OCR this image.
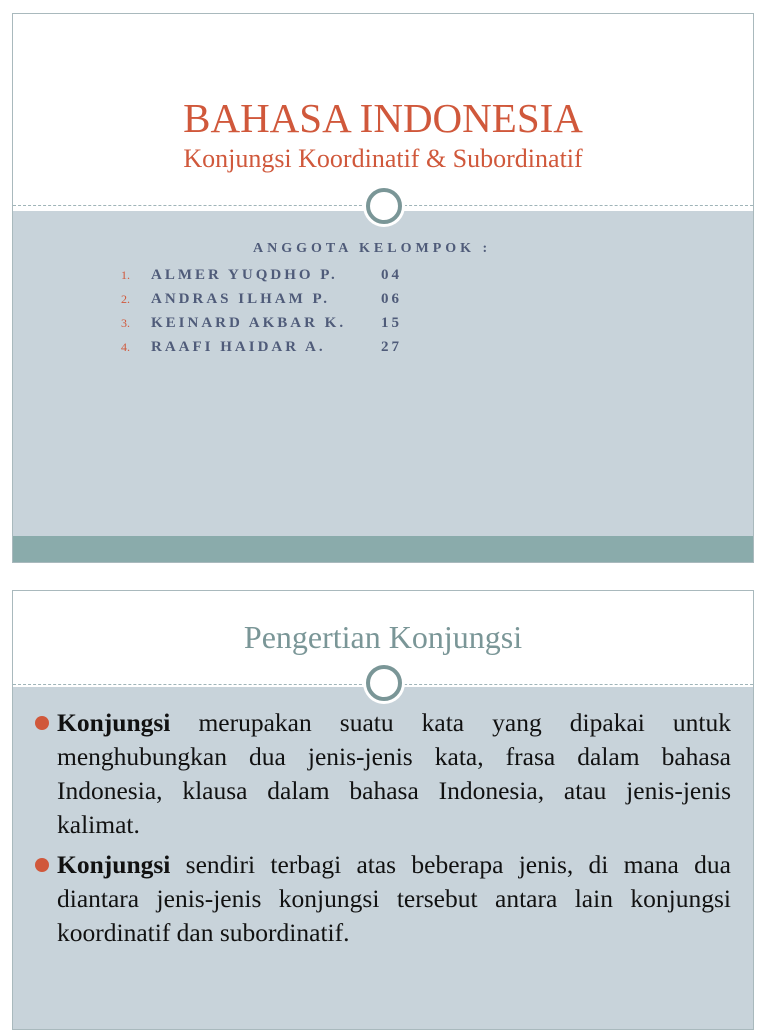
BAHASA INDONESIA
Konjungsi Koordinatif & Subordinatif
ANGGOTA KELOMPOK :
1.	ALMER YUQDHO P.	04
2.	ANDRAS ILHAM P.	06
3.	KEINARD AKBAR K.	15
4.	RAAFI HAIDAR A.	27
Pengertian Konjungsi
Konjungsi merupakan suatu kata yang dipakai untuk menghubungkan dua jenis-jenis kata, frasa dalam bahasa Indonesia, klausa dalam bahasa Indonesia, atau jenis-jenis kalimat.
Konjungsi sendiri terbagi atas beberapa jenis, di mana dua diantara jenis-jenis konjungsi tersebut antara lain konjungsi koordinatif dan subordinatif.
